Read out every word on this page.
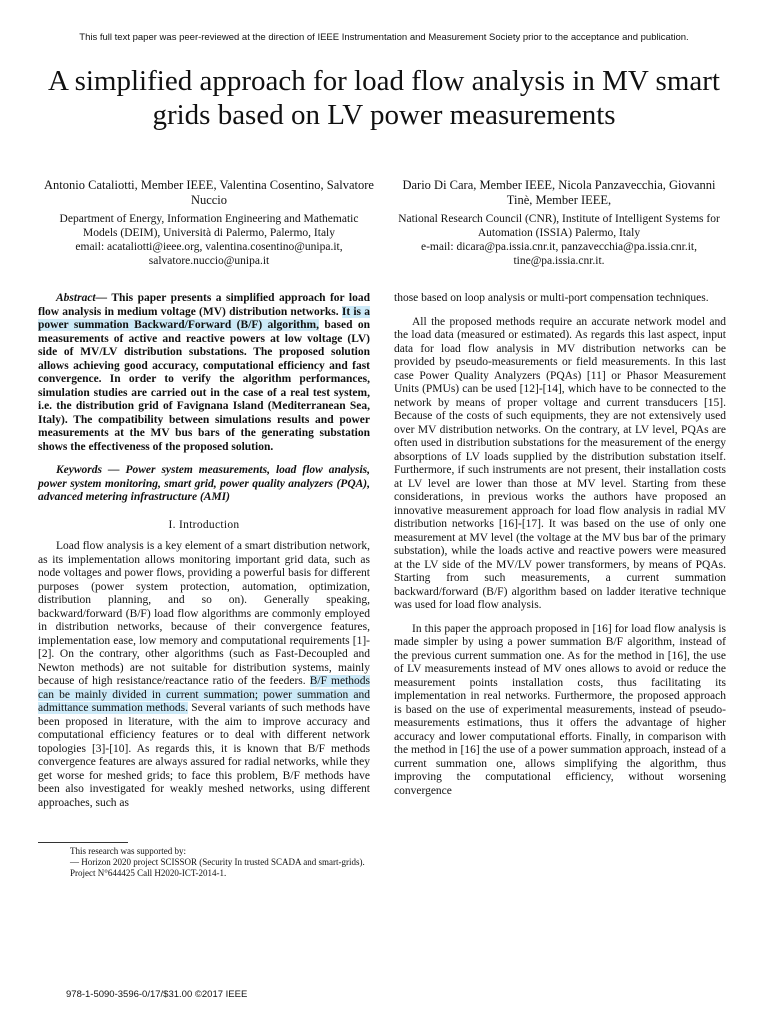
This full text paper was peer-reviewed at the direction of IEEE Instrumentation and Measurement Society prior to the acceptance and publication.
A simplified approach for load flow analysis in MV smart grids based on LV power measurements
Antonio Cataliotti, Member IEEE, Valentina Cosentino, Salvatore Nuccio
Department of Energy, Information Engineering and Mathematic Models (DEIM), Università di Palermo, Palermo, Italy
email: acataliotti@ieee.org, valentina.cosentino@unipa.it, salvatore.nuccio@unipa.it
Dario Di Cara, Member IEEE, Nicola Panzavecchia, Giovanni Tinè, Member IEEE,
National Research Council (CNR), Institute of Intelligent Systems for Automation (ISSIA) Palermo, Italy
e-mail: dicara@pa.issia.cnr.it, panzavecchia@pa.issia.cnr.it, tine@pa.issia.cnr.it.

Abstract— This paper presents a simplified approach for load flow analysis in medium voltage (MV) distribution networks. It is a power summation Backward/Forward (B/F) algorithm, based on measurements of active and reactive powers at low voltage (LV) side of MV/LV distribution substations. The proposed solution allows achieving good accuracy, computational efficiency and fast convergence. In order to verify the algorithm performances, simulation studies are carried out in the case of a real test system, i.e. the distribution grid of Favignana Island (Mediterranean Sea, Italy). The compatibility between simulations results and power measurements at the MV bus bars of the generating substation shows the effectiveness of the proposed solution.

Keywords — Power system measurements, load flow analysis, power system monitoring, smart grid, power quality analyzers (PQA), advanced metering infrastructure (AMI)

I. Introduction

Load flow analysis is a key element of a smart distribution network, as its implementation allows monitoring important grid data, such as node voltages and power flows, providing a powerful basis for different purposes (power system protection, automation, optimization, distribution planning, and so on). Generally speaking, backward/forward (B/F) load flow algorithms are commonly employed in distribution networks, because of their convergence features, implementation ease, low memory and computational requirements [1]-[2]. On the contrary, other algorithms (such as Fast-Decoupled and Newton methods) are not suitable for distribution systems, mainly because of high resistance/reactance ratio of the feeders. B/F methods can be mainly divided in current summation; power summation and admittance summation methods. Several variants of such methods have been proposed in literature, with the aim to improve accuracy and computational efficiency features or to deal with different network topologies [3]-[10]. As regards this, it is known that B/F methods convergence features are always assured for radial networks, while they get worse for meshed grids; to face this problem, B/F methods have been also investigated for weakly meshed networks, using different approaches, such as

This research was supported by:
— Horizon 2020 project SCISSOR (Security In trusted SCADA and smart-grids). Project N°644425 Call H2020-ICT-2014-1.

those based on loop analysis or multi-port compensation techniques.

All the proposed methods require an accurate network model and the load data (measured or estimated). As regards this last aspect, input data for load flow analysis in MV distribution networks can be provided by pseudo-measurements or field measurements. In this last case Power Quality Analyzers (PQAs) [11] or Phasor Measurement Units (PMUs) can be used [12]-[14], which have to be connected to the network by means of proper voltage and current transducers [15]. Because of the costs of such equipments, they are not extensively used over MV distribution networks. On the contrary, at LV level, PQAs are often used in distribution substations for the measurement of the energy absorptions of LV loads supplied by the distribution substation itself. Furthermore, if such instruments are not present, their installation costs at LV level are lower than those at MV level. Starting from these considerations, in previous works the authors have proposed an innovative measurement approach for load flow analysis in radial MV distribution networks [16]-[17]. It was based on the use of only one measurement at MV level (the voltage at the MV bus bar of the primary substation), while the loads active and reactive powers were measured at the LV side of the MV/LV power transformers, by means of PQAs. Starting from such measurements, a current summation backward/forward (B/F) algorithm based on ladder iterative technique was used for load flow analysis.

In this paper the approach proposed in [16] for load flow analysis is made simpler by using a power summation B/F algorithm, instead of the previous current summation one. As for the method in [16], the use of LV measurements instead of MV ones allows to avoid or reduce the measurement points installation costs, thus facilitating its implementation in real networks. Furthermore, the proposed approach is based on the use of experimental measurements, instead of pseudo-measurements estimations, thus it offers the advantage of higher accuracy and lower computational efforts. Finally, in comparison with the method in [16] the use of a power summation approach, instead of a current summation one, allows simplifying the algorithm, thus improving the computational efficiency, without worsening convergence

978-1-5090-3596-0/17/$31.00 ©2017 IEEE
